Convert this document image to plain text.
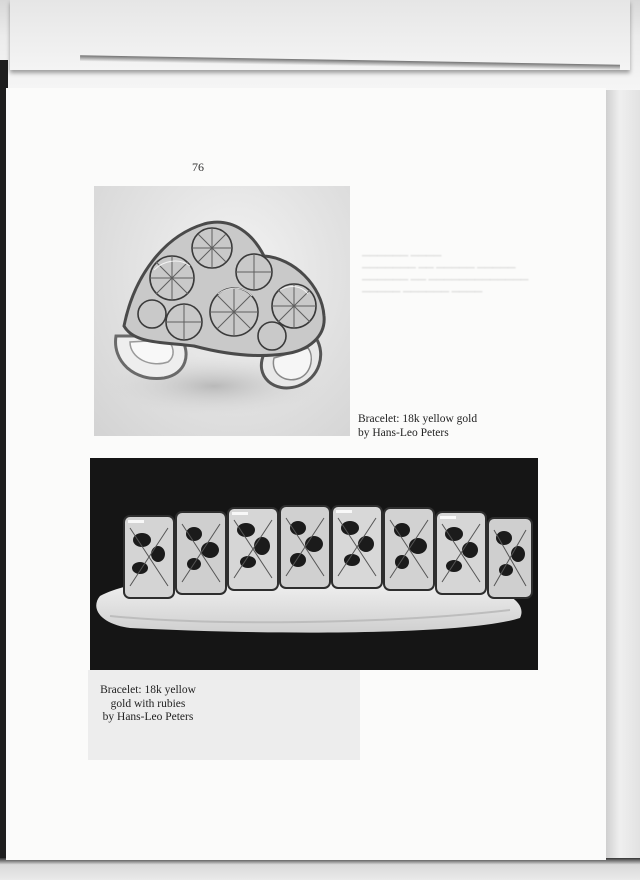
▁▁▁▁▁▁ ▁▁▁▁
▁▁▁▁▁▁▁ ▁▁ ▁▁▁▁▁ ▁▁▁▁▁
▁▁▁▁▁▁ ▁▁ ▁▁▁▁▁▁▁▁▁▁▁▁▁
▁▁▁▁▁ ▁▁▁▁▁▁ ▁▁▁▁
76
Bracelet: 18k yellow gold
by Hans-Leo Peters
Bracelet: 18k yellow
gold with rubies
by Hans-Leo Peters
